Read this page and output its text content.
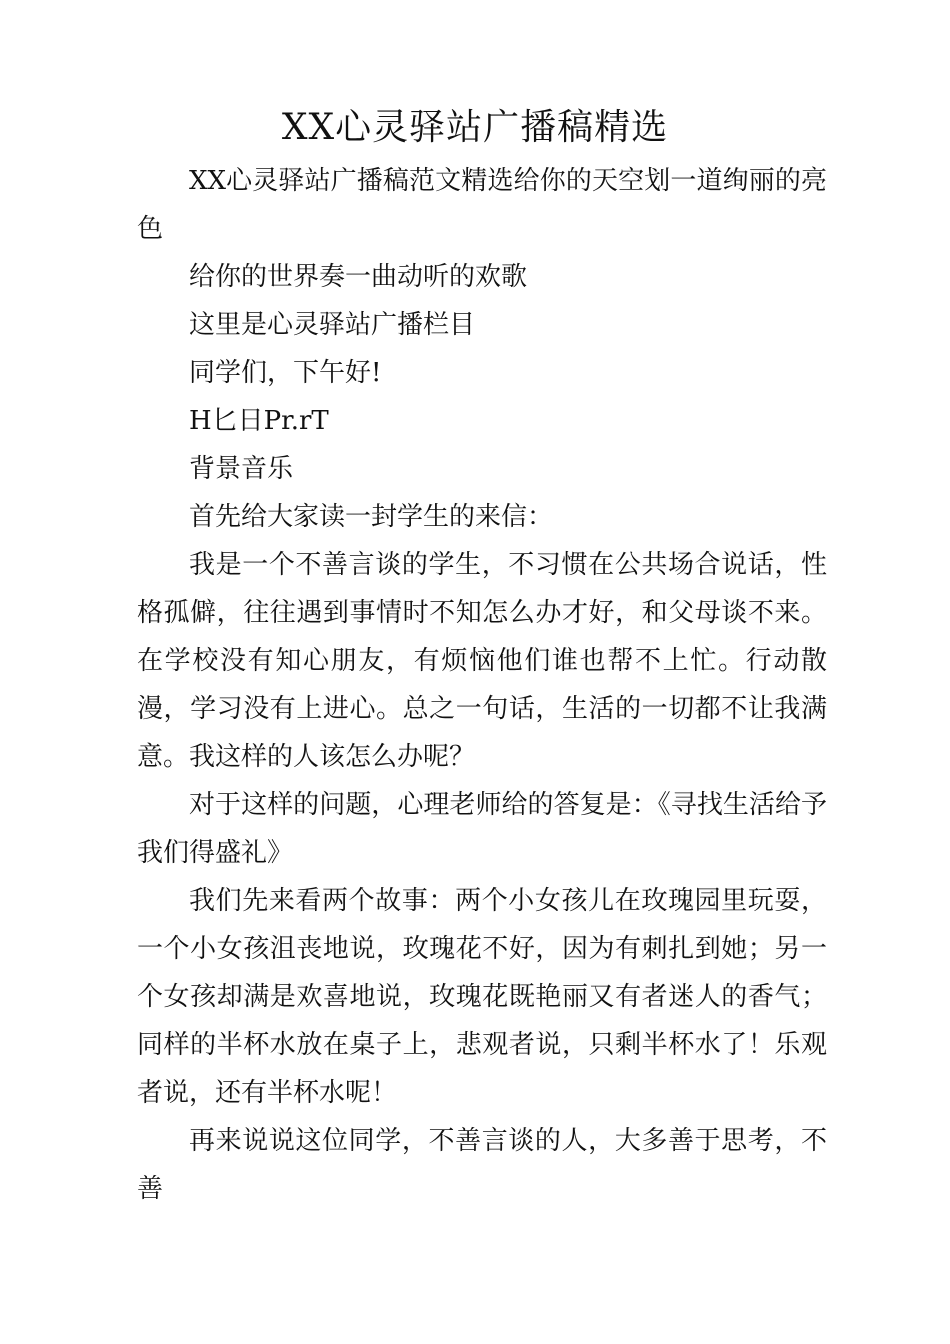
XX心灵驿站广播稿精选

XX心灵驿站广播稿范文精选给你的天空划一道绚丽的亮色

给你的世界奏一曲动听的欢歌

这里是心灵驿站广播栏目

同学们，下午好!

H匕日Pr.rT

背景音乐

首先给大家读一封学生的来信：

我是一个不善言谈的学生，不习惯在公共场合说话，性格孤僻，往往遇到事情时不知怎么办才好，和父母谈不来。在学校没有知心朋友，有烦恼他们谁也帮不上忙。行动散漫，学习没有上进心。总之一句话，生活的一切都不让我满意。我这样的人该怎么办呢？

对于这样的问题，心理老师给的答复是：《寻找生活给予我们得盛礼》

我们先来看两个故事：两个小女孩儿在玫瑰园里玩耍，一个小女孩沮丧地说，玫瑰花不好，因为有刺扎到她；另一个女孩却满是欢喜地说，玫瑰花既艳丽又有者迷人的香气；同样的半杯水放在桌子上，悲观者说，只剩半杯水了！乐观者说，还有半杯水呢！

再来说说这位同学，不善言谈的人，大多善于思考，不善
